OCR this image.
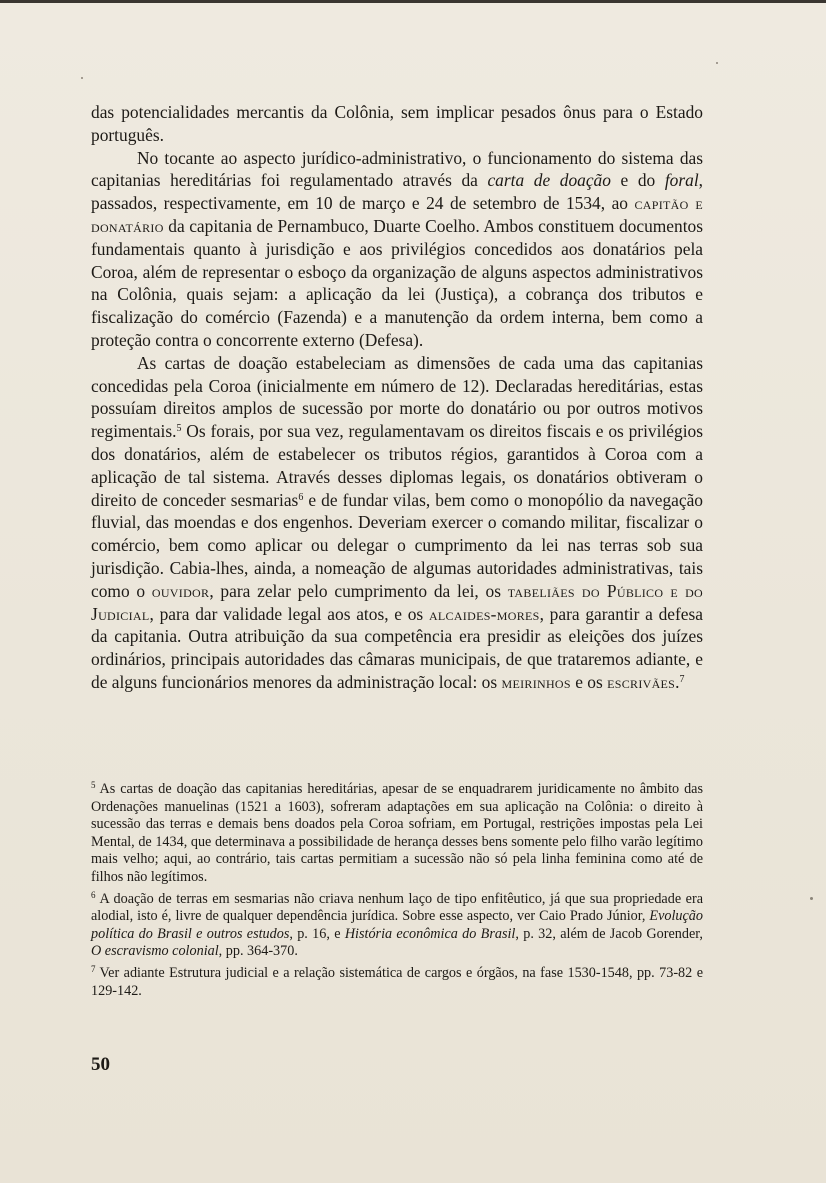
das potencialidades mercantis da Colônia, sem implicar pesados ônus para o Estado português.

No tocante ao aspecto jurídico-administrativo, o funcionamento do sistema das capitanias hereditárias foi regulamentado através da carta de doação e do foral, passados, respectivamente, em 10 de março e 24 de setembro de 1534, ao capitão e donatário da capitania de Pernambuco, Duarte Coelho. Ambos constituem documentos fundamentais quanto à jurisdição e aos privilégios concedidos aos donatários pela Coroa, além de representar o esboço da organização de alguns aspectos administrativos na Colônia, quais sejam: a aplicação da lei (Justiça), a cobrança dos tributos e fiscalização do comércio (Fazenda) e a manutenção da ordem interna, bem como a proteção contra o concorrente externo (Defesa).

As cartas de doação estabeleciam as dimensões de cada uma das capitanias concedidas pela Coroa (inicialmente em número de 12). Declaradas hereditárias, estas possuíam direitos amplos de sucessão por morte do donatário ou por outros motivos regimentais.$^5$ Os forais, por sua vez, regulamentavam os direitos fiscais e os privilégios dos donatários, além de estabelecer os tributos régios, garantidos à Coroa com a aplicação de tal sistema. Através desses diplomas legais, os donatários obtiveram o direito de conceder sesmarias$^6$ e de fundar vilas, bem como o monopólio da navegação fluvial, das moendas e dos engenhos. Deveriam exercer o comando militar, fiscalizar o comércio, bem como aplicar ou delegar o cumprimento da lei nas terras sob sua jurisdição. Cabia-lhes, ainda, a nomeação de algumas autoridades administrativas, tais como o ouvidor, para zelar pelo cumprimento da lei, os tabeliães do Público e do Judicial, para dar validade legal aos atos, e os alcaides-mores, para garantir a defesa da capitania. Outra atribuição da sua competência era presidir as eleições dos juízes ordinários, principais autoridades das câmaras municipais, de que trataremos adiante, e de alguns funcionários menores da administração local: os meirinhos e os escrivães.$^7$

$^5$ As cartas de doação das capitanias hereditárias, apesar de se enquadrarem juridicamente no âmbito das Ordenações manuelinas (1521 a 1603), sofreram adaptações em sua aplicação na Colônia: o direito à sucessão das terras e demais bens doados pela Coroa sofriam, em Portugal, restrições impostas pela Lei Mental, de 1434, que determinava a possibilidade de herança desses bens somente pelo filho varão legítimo mais velho; aqui, ao contrário, tais cartas permitiam a sucessão não só pela linha feminina como até de filhos não legítimos.

$^6$ A doação de terras em sesmarias não criava nenhum laço de tipo enfitêutico, já que sua propriedade era alodial, isto é, livre de qualquer dependência jurídica. Sobre esse aspecto, ver Caio Prado Júnior, Evolução política do Brasil e outros estudos, p. 16, e História econômica do Brasil, p. 32, além de Jacob Gorender, O escravismo colonial, pp. 364-370.

$^7$ Ver adiante Estrutura judicial e a relação sistemática de cargos e órgãos, na fase 1530-1548, pp. 73-82 e 129-142.

50
